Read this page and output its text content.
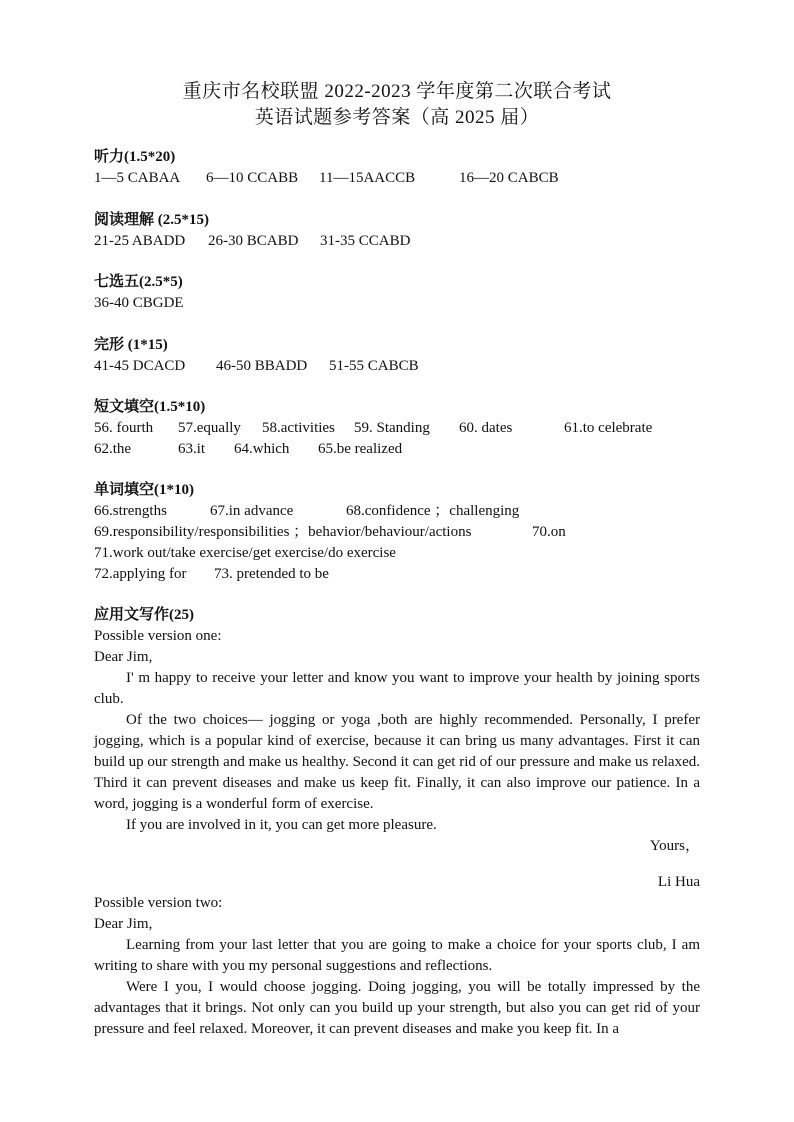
重庆市名校联盟 2022-2023 学年度第二次联合考试
英语试题参考答案（高 2025 届）
听力(1.5*20)
1—5 CABAA 6—10 CCABB 11—15AACCB	16—20 CABCB
阅读理解 (2.5*15)
21-25 ABADD 26-30 BCABD 31-35 CCABD
七选五(2.5*5)
36-40 CBGDE
完形 (1*15)
41-45 DCACD 46-50 BBADD 51-55 CABCB
短文填空(1.5*10)
56. fourth 57.equally 58.activities 59. Standing 60. dates	61.to celebrate
62.the	63.it 64.which 65.be realized
单词填空(1*10)
66.strengths	67.in advance	68.confidence ；challenging
69.responsibility/responsibilities ；behavior/behaviour/actions	70.on
71.work out/take exercise/get exercise/do exercise
72.applying for 73. pretended to be
应用文写作(25)

Possible version one:

Dear Jim,

I' m happy to receive your letter and know you want to improve your health by joining sports club.

Of the two choices— jogging or yoga ,both are highly recommended. Personally, I prefer jogging, which is a popular kind of exercise, because it can bring us many advantages. First it can build up our strength and make us healthy. Second it can get rid of our pressure and make us relaxed. Third it can prevent diseases and make us keep fit. Finally, it can also improve our patience. In a word, jogging is a wonderful form of exercise.

If you are involved in it, you can get more pleasure.

Yours，

Li Hua

Possible version two:

Dear Jim,

Learning from your last letter that you are going to make a choice for your sports club, I am writing to share with you my personal suggestions and reflections.

Were I you, I would choose jogging. Doing jogging, you will be totally impressed by the advantages that it brings. Not only can you build up your strength, but also you can get rid of your pressure and feel relaxed. Moreover, it can prevent diseases and make you keep fit. In a
